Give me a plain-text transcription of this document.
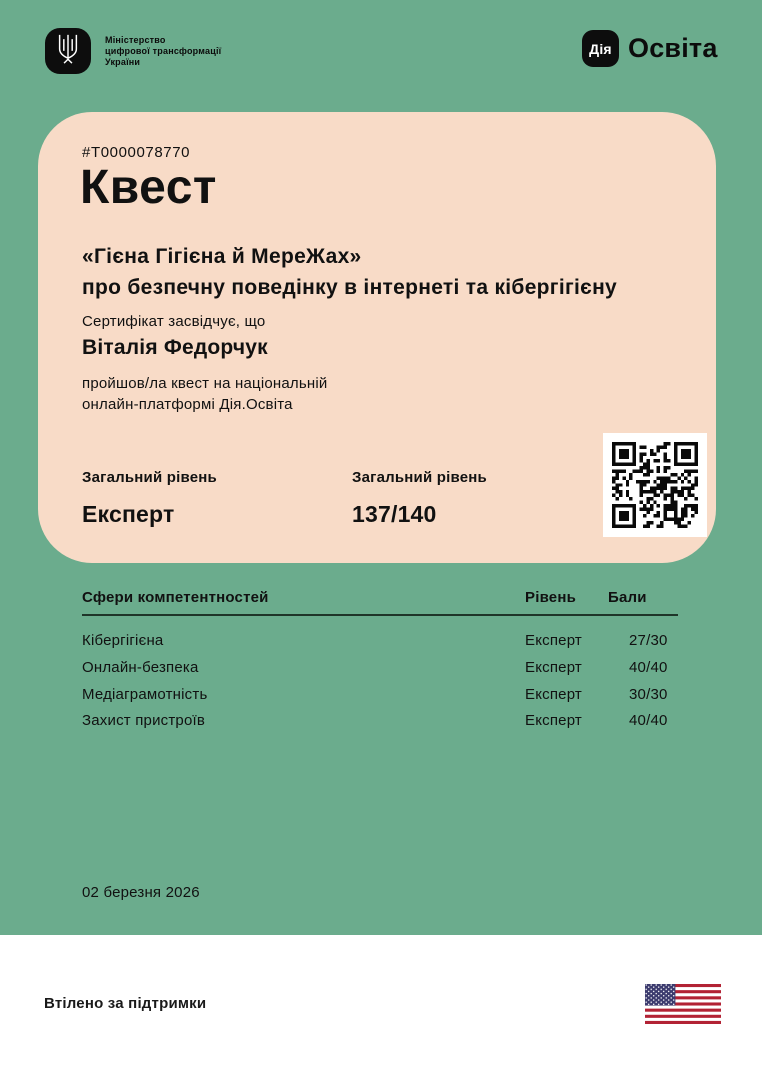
Міністерство
цифрової трансформації
України
Дія Освіта
#T0000078770
Квест
«Гієна Гігієна й МереЖах»
про безпечну поведінку в інтернеті та кібергігієну
Сертифікат засвідчує, що
Віталія Федорчук
пройшов/ла квест на національній
онлайн-платформі Дія.Освіта
Загальний рівень
Експерт
Загальний рівень
137/140
Сфери компетентностей	Рівень Бали
Кібергігієна	Експерт	27/30
Онлайн-безпека	Експерт	40/40
Медіаграмотність	Експерт	30/30
Захист пристроїв	Експерт	40/40
02 березня 2026
Втілено за підтримки
